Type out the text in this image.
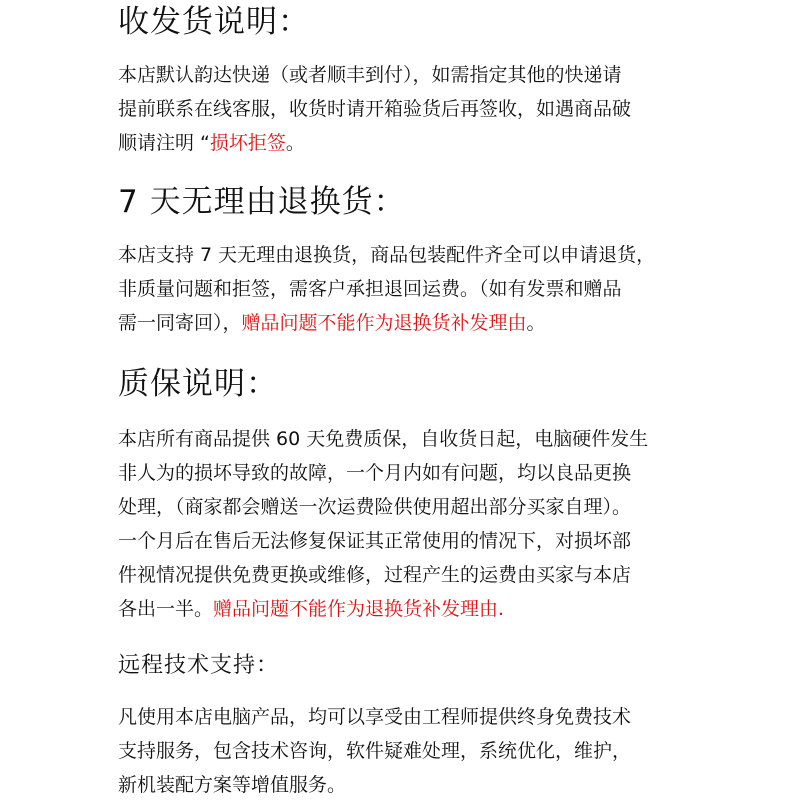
收发货说明：

本店默认韵达快递（或者顺丰到付），如需指定其他的快递请
提前联系在线客服，收货时请开箱验货后再签收，如遇商品破
顺请注明 “损坏拒签。

7 天无理由退换货：

本店支持 7 天无理由退换货，商品包装配件齐全可以申请退货，
非质量问题和拒签，需客户承担退回运费。（如有发票和赠品
需一同寄回），赠品问题不能作为退换货补发理由。

质保说明：

本店所有商品提供 60 天免费质保，自收货日起，电脑硬件发生
非人为的损坏导致的故障，一个月内如有问题，均以良品更换
处理，（商家都会赠送一次运费险供使用超出部分买家自理）。
一个月后在售后无法修复保证其正常使用的情况下，对损坏部
件视情况提供免费更换或维修，过程产生的运费由买家与本店
各出一半。赠品问题不能作为退换货补发理由.

远程技术支持：

凡使用本店电脑产品，均可以享受由工程师提供终身免费技术
支持服务，包含技术咨询，软件疑难处理，系统优化，维护，
新机装配方案等增值服务。
